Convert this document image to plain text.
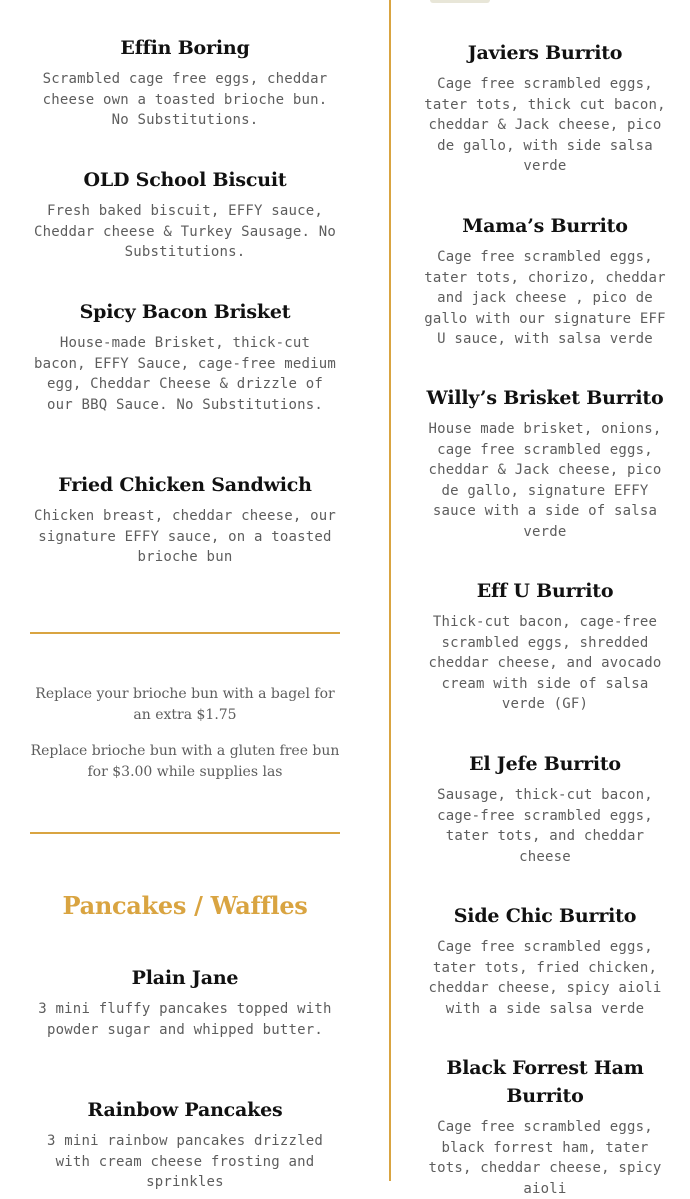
Effin Boring
Scrambled cage free eggs, cheddar cheese own a toasted brioche bun. No Substitutions.
OLD School Biscuit
Fresh baked biscuit, EFFY sauce, Cheddar cheese & Turkey Sausage. No Substitutions.
Spicy Bacon Brisket
House-made Brisket, thick-cut bacon, EFFY Sauce, cage-free medium egg, Cheddar Cheese & drizzle of our BBQ Sauce. No Substitutions.
Fried Chicken Sandwich
Chicken breast, cheddar cheese, our signature EFFY sauce, on a toasted brioche bun
Replace your brioche bun with a bagel for an extra $1.75
Replace brioche bun with a gluten free bun for $3.00 while supplies las
Pancakes / Waffles
Plain Jane
3 mini fluffy pancakes topped with powder sugar and whipped butter.
Rainbow Pancakes
3 mini rainbow pancakes drizzled with cream cheese frosting and sprinkles
Javiers Burrito
Cage free scrambled eggs, tater tots, thick cut bacon, cheddar & Jack cheese, pico de gallo, with side salsa verde
Mama’s Burrito
Cage free scrambled eggs, tater tots, chorizo, cheddar and jack cheese , pico de gallo with our signature EFF U sauce, with salsa verde
Willy’s Brisket Burrito
House made brisket, onions, cage free scrambled eggs, cheddar & Jack cheese, pico de gallo, signature EFFY sauce with a side of salsa verde
Eff U Burrito
Thick-cut bacon, cage-free scrambled eggs, shredded cheddar cheese, and avocado cream with side of salsa verde (GF)
El Jefe Burrito
Sausage, thick-cut bacon, cage-free scrambled eggs, tater tots, and cheddar cheese
Side Chic Burrito
Cage free scrambled eggs, tater tots, fried chicken, cheddar cheese, spicy aioli with a side salsa verde
Black Forrest Ham Burrito
Cage free scrambled eggs, black forrest ham, tater tots, cheddar cheese, spicy aioli
